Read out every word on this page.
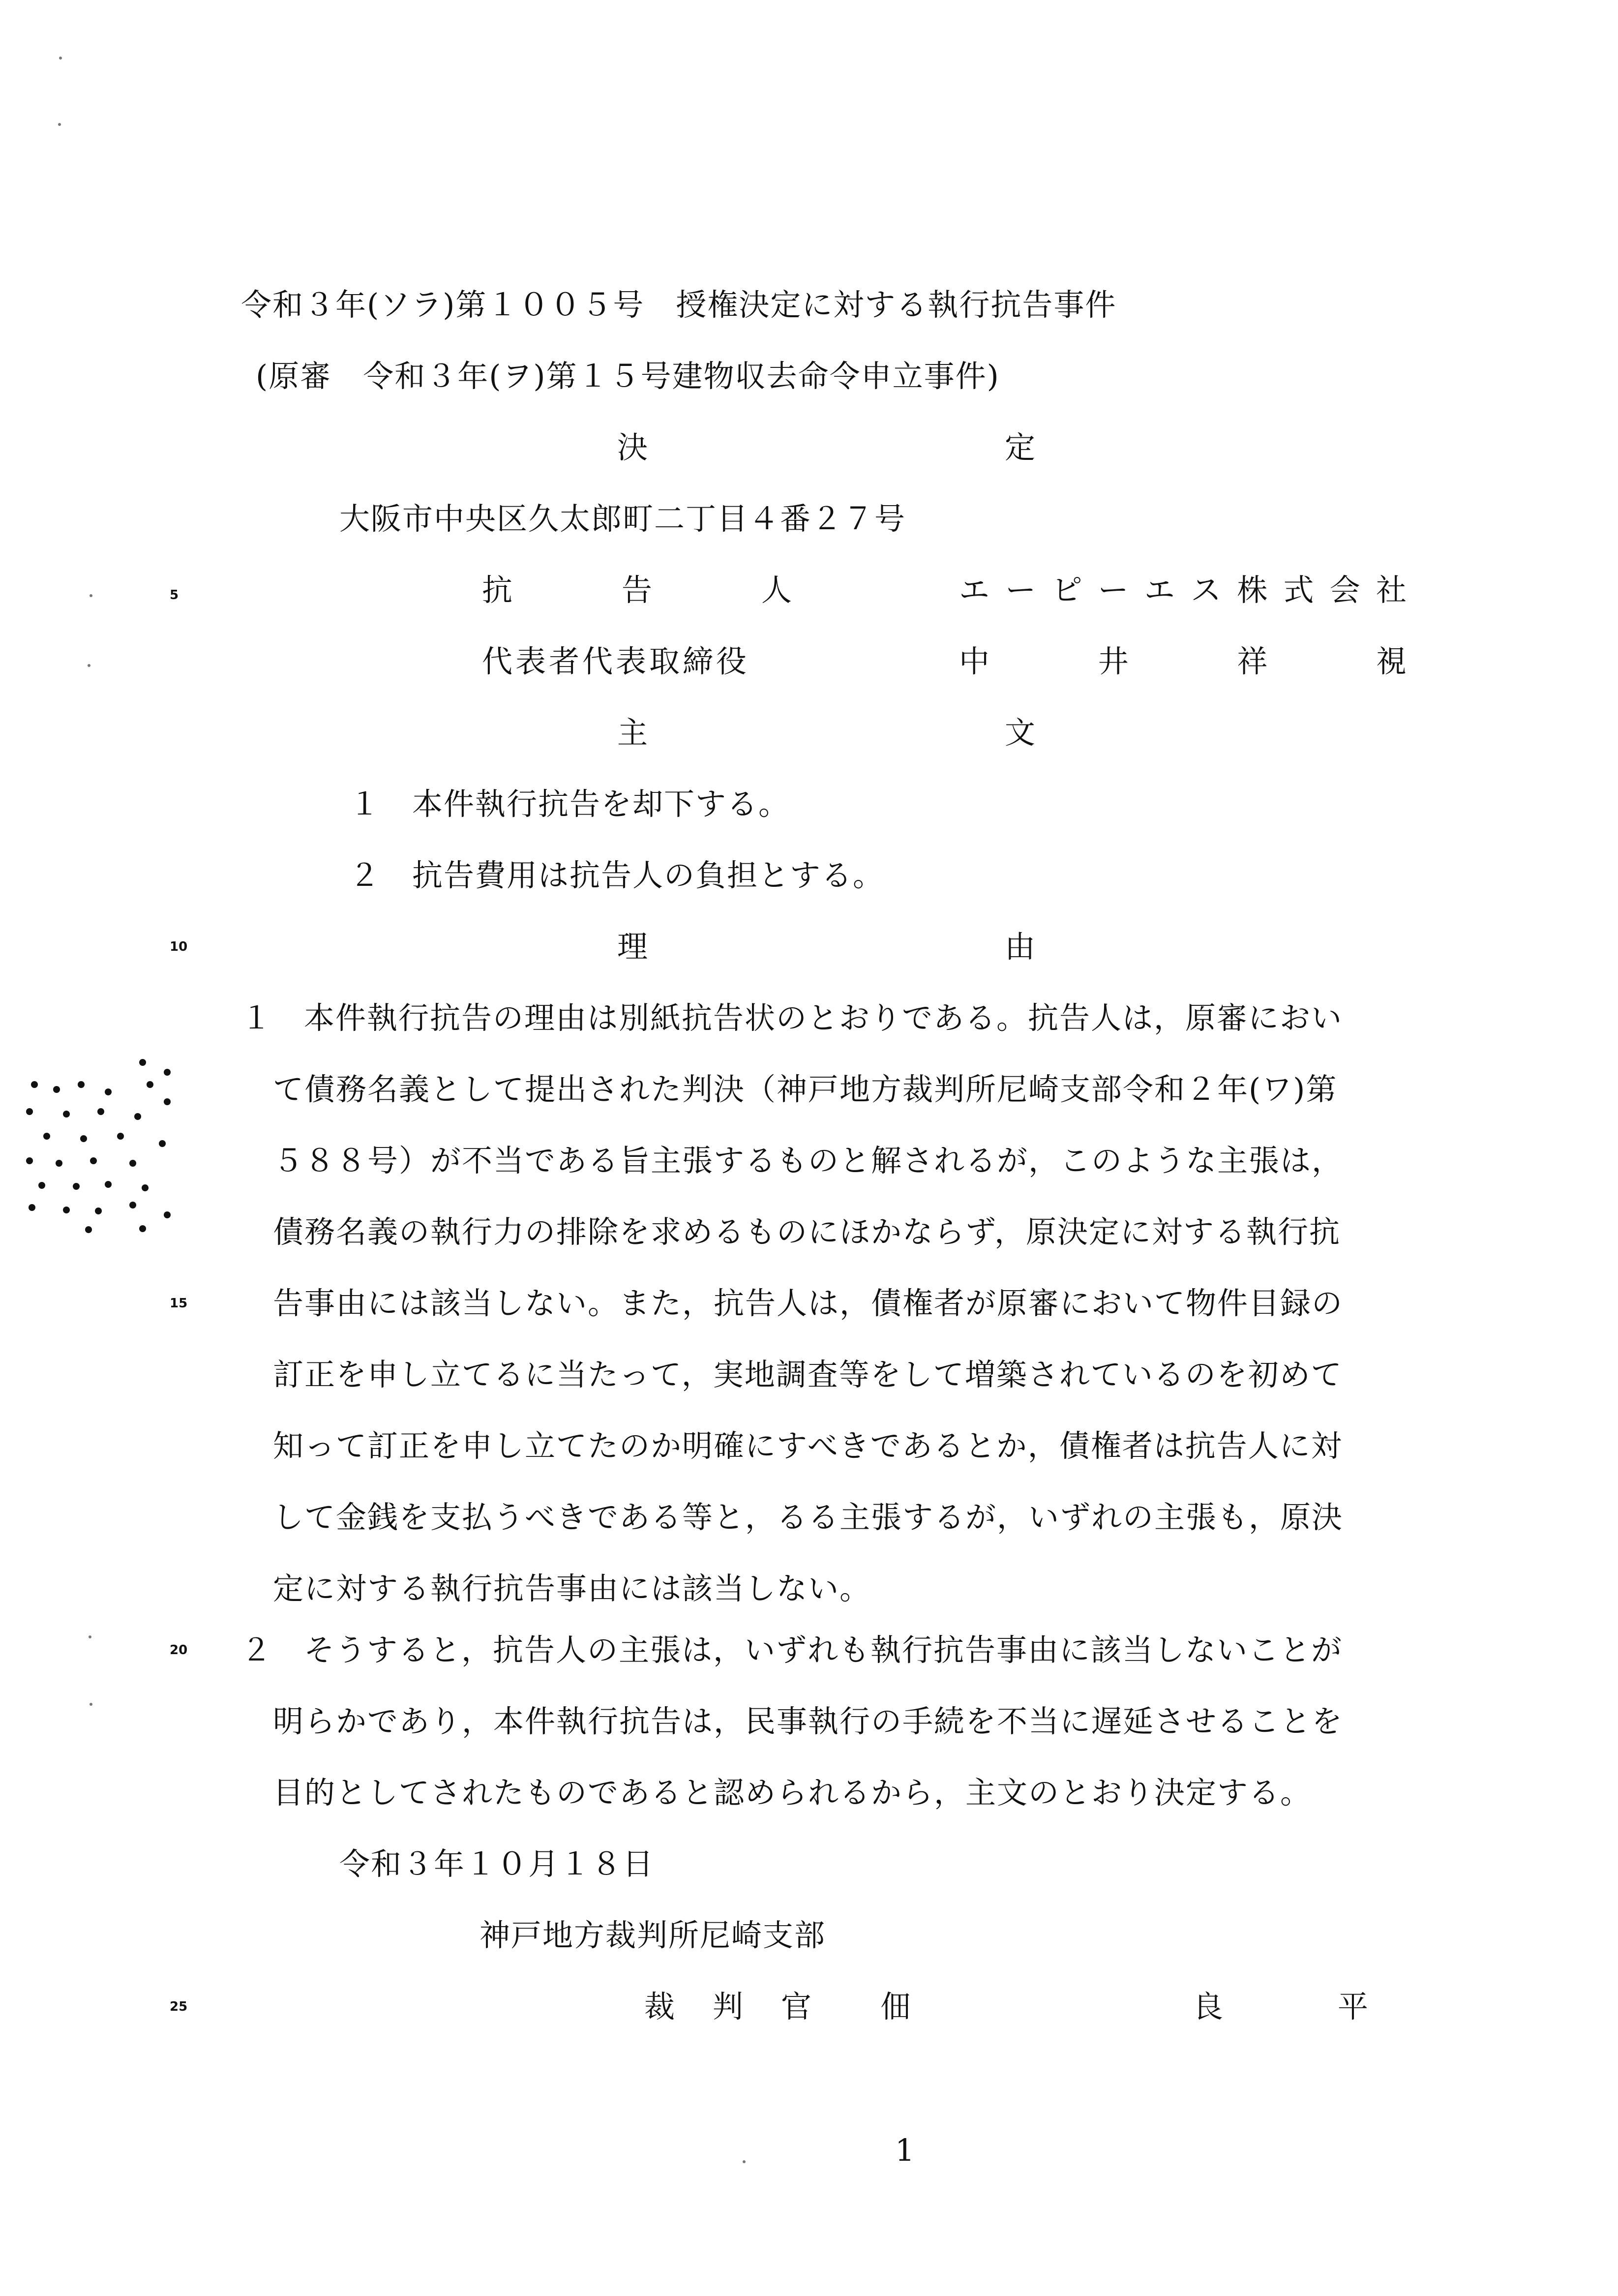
令和３年(ソラ)第１００５号　授権決定に対する執行抗告事件
(原審　令和３年(ヲ)第１５号建物収去命令申立事件)
決	定
大阪市中央区久太郎町二丁目４番２７号
抗	告	人	エ ー ピ ー エ ス 株 式 会 社
代表者代表取締役	中	井	祥	視
主	文
１　本件執行抗告を却下する。
２　抗告費用は抗告人の負担とする。
理	由
１　本件執行抗告の理由は別紙抗告状のとおりである。抗告人は，原審におい
て債務名義として提出された判決（神戸地方裁判所尼崎支部令和２年(ワ)第
５８８号）が不当である旨主張するものと解されるが，このような主張は，
債務名義の執行力の排除を求めるものにほかならず，原決定に対する執行抗
告事由には該当しない。また，抗告人は，債権者が原審において物件目録の
訂正を申し立てるに当たって，実地調査等をして増築されているのを初めて
知って訂正を申し立てたのか明確にすべきであるとか，債権者は抗告人に対
して金銭を支払うべきである等と，るる主張するが，いずれの主張も，原決
定に対する執行抗告事由には該当しない。
２　そうすると，抗告人の主張は，いずれも執行抗告事由に該当しないことが
明らかであり，本件執行抗告は，民事執行の手続を不当に遅延させることを
目的としてされたものであると認められるから，主文のとおり決定する。
令和３年１０月１８日
神戸地方裁判所尼崎支部
裁 判 官 佃	良	平
5
10
15
20
25
1
